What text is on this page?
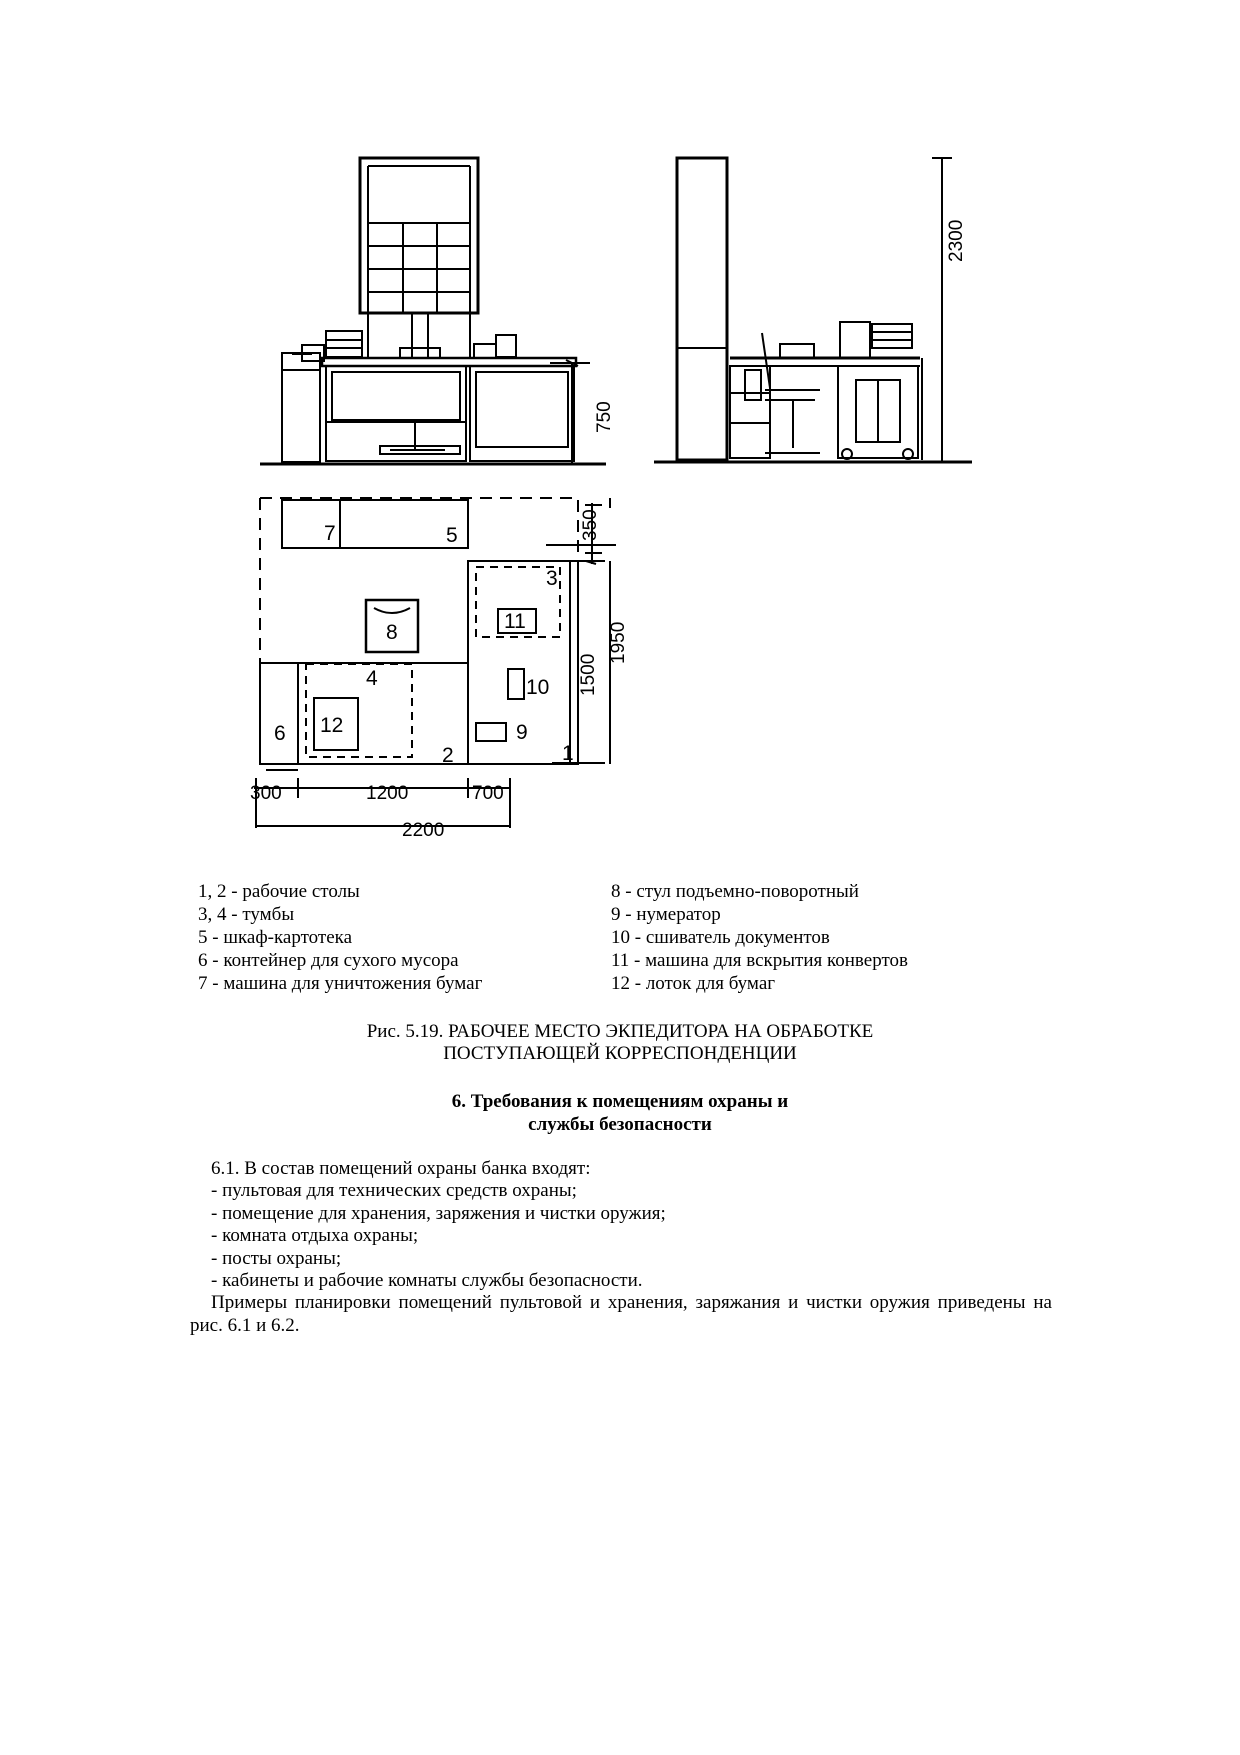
750
2300
350
1950
1500
300	1200	700
2200
1
2
3
4
5
6
7
8
9
10
11
12
1, 2 - рабочие столы
3, 4 - тумбы
5 - шкаф-картотека
6 - контейнер для сухого мусора
7 - машина для уничтожения бумаг
8 - стул подъемно-поворотный
9 - нумератор
10 - сшиватель документов
11 - машина для вскрытия конвертов
12 - лоток для бумаг
Рис. 5.19. РАБОЧЕЕ МЕСТО ЭКПЕДИТОРА НА ОБРАБОТКЕ
ПОСТУПАЮЩЕЙ КОРРЕСПОНДЕНЦИИ
6. Требования к помещениям охраны и
службы безопасности
6.1. В состав помещений охраны банка входят:
- пультовая для технических средств охраны;
- помещение для хранения, заряжения и чистки оружия;
- комната отдыха охраны;
- посты охраны;
- кабинеты и рабочие комнаты службы безопасности.
Примеры планировки помещений пультовой и хранения, заряжания и чистки оружия приведены на рис. 6.1 и 6.2.
